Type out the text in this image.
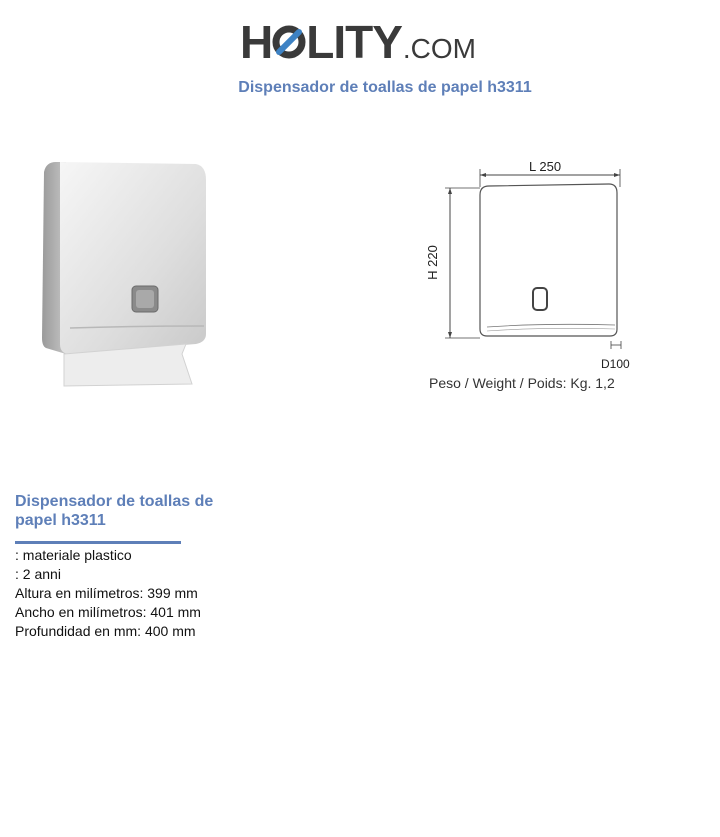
H LITY.COM
Dispensador de toallas de papel h3311
L 250
H 220
D100
Peso / Weight / Poids: Kg. 1,2
Dispensador de toallas de papel h3311
: materiale plastico
: 2 anni
Altura en milímetros: 399 mm
Ancho en milímetros: 401 mm
Profundidad en mm: 400 mm
